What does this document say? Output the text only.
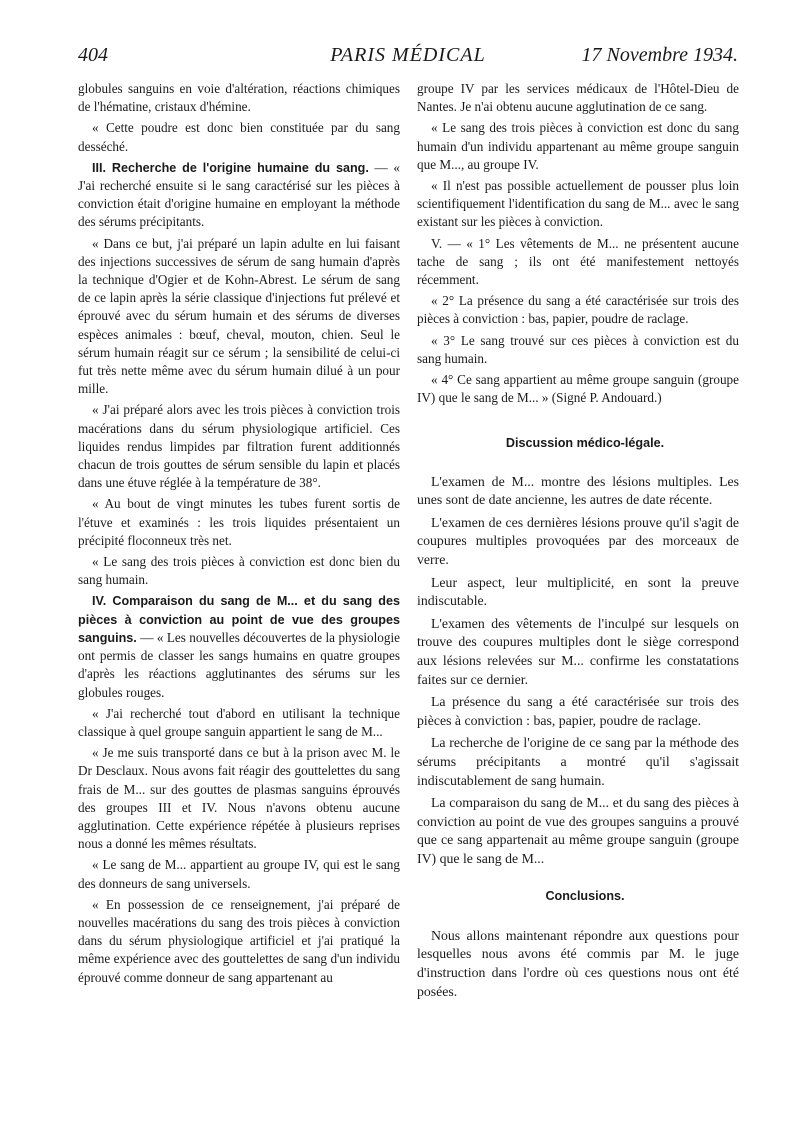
404	PARIS MÉDICAL	17 Novembre 1934.

globules sanguins en voie d'altération, réactions chimiques de l'hématine, cristaux d'hémine.

« Cette poudre est donc bien constituée par du sang desséché.

III. Recherche de l'origine humaine du sang. — « J'ai recherché ensuite si le sang caractérisé sur les pièces à conviction était d'origine humaine en employant la méthode des sérums précipitants.

« Dans ce but, j'ai préparé un lapin adulte en lui faisant des injections successives de sérum de sang humain d'après la technique d'Ogier et de Kohn-Abrest. Le sérum de sang de ce lapin après la série classique d'injections fut prélevé et éprouvé avec du sérum humain et des sérums de diverses espèces animales : bœuf, cheval, mouton, chien. Seul le sérum humain réagit sur ce sérum ; la sensibilité de celui-ci fut très nette même avec du sérum humain dilué à un pour mille.

« J'ai préparé alors avec les trois pièces à conviction trois macérations dans du sérum physiologique artificiel. Ces liquides rendus limpides par filtration furent additionnés chacun de trois gouttes de sérum sensible du lapin et placés dans une étuve réglée à la température de 38°.

« Au bout de vingt minutes les tubes furent sortis de l'étuve et examinés : les trois liquides présentaient un précipité floconneux très net.

« Le sang des trois pièces à conviction est donc bien du sang humain.

IV. Comparaison du sang de M... et du sang des pièces à conviction au point de vue des groupes sanguins. — « Les nouvelles découvertes de la physiologie ont permis de classer les sangs humains en quatre groupes d'après les réactions agglutinantes des sérums sur les globules rouges.

« J'ai recherché tout d'abord en utilisant la technique classique à quel groupe sanguin appartient le sang de M...

« Je me suis transporté dans ce but à la prison avec M. le Dr Desclaux. Nous avons fait réagir des gouttelettes du sang frais de M... sur des gouttes de plasmas sanguins éprouvés des groupes III et IV. Nous n'avons obtenu aucune agglutination. Cette expérience répétée à plusieurs reprises nous a donné les mêmes résultats.

« Le sang de M... appartient au groupe IV, qui est le sang des donneurs de sang universels.

« En possession de ce renseignement, j'ai préparé de nouvelles macérations du sang des trois pièces à conviction dans du sérum physiologique artificiel et j'ai pratiqué la même expérience avec des gouttelettes de sang d'un individu éprouvé comme donneur de sang appartenant au

groupe IV par les services médicaux de l'Hôtel-Dieu de Nantes. Je n'ai obtenu aucune agglutination de ce sang.

« Le sang des trois pièces à conviction est donc du sang humain d'un individu appartenant au même groupe sanguin que M..., au groupe IV.

« Il n'est pas possible actuellement de pousser plus loin scientifiquement l'identification du sang de M... avec le sang existant sur les pièces à conviction.

V. — « 1° Les vêtements de M... ne présentent aucune tache de sang ; ils ont été manifestement nettoyés récemment.

« 2° La présence du sang a été caractérisée sur trois des pièces à conviction : bas, papier, poudre de raclage.

« 3° Le sang trouvé sur ces pièces à conviction est du sang humain.

« 4° Ce sang appartient au même groupe sanguin (groupe IV) que le sang de M... » (Signé P. Andouard.)

Discussion médico-légale.

L'examen de M... montre des lésions multiples. Les unes sont de date ancienne, les autres de date récente.

L'examen de ces dernières lésions prouve qu'il s'agit de coupures multiples provoquées par des morceaux de verre.

Leur aspect, leur multiplicité, en sont la preuve indiscutable.

L'examen des vêtements de l'inculpé sur lesquels on trouve des coupures multiples dont le siège correspond aux lésions relevées sur M... confirme les constatations faites sur ce dernier.

La présence du sang a été caractérisée sur trois des pièces à conviction : bas, papier, poudre de raclage.

La recherche de l'origine de ce sang par la méthode des sérums précipitants a montré qu'il s'agissait indiscutablement de sang humain.

La comparaison du sang de M... et du sang des pièces à conviction au point de vue des groupes sanguins a prouvé que ce sang appartenait au même groupe sanguin (groupe IV) que le sang de M...

Conclusions.

Nous allons maintenant répondre aux questions pour lesquelles nous avons été commis par M. le juge d'instruction dans l'ordre où ces questions nous ont été posées.
